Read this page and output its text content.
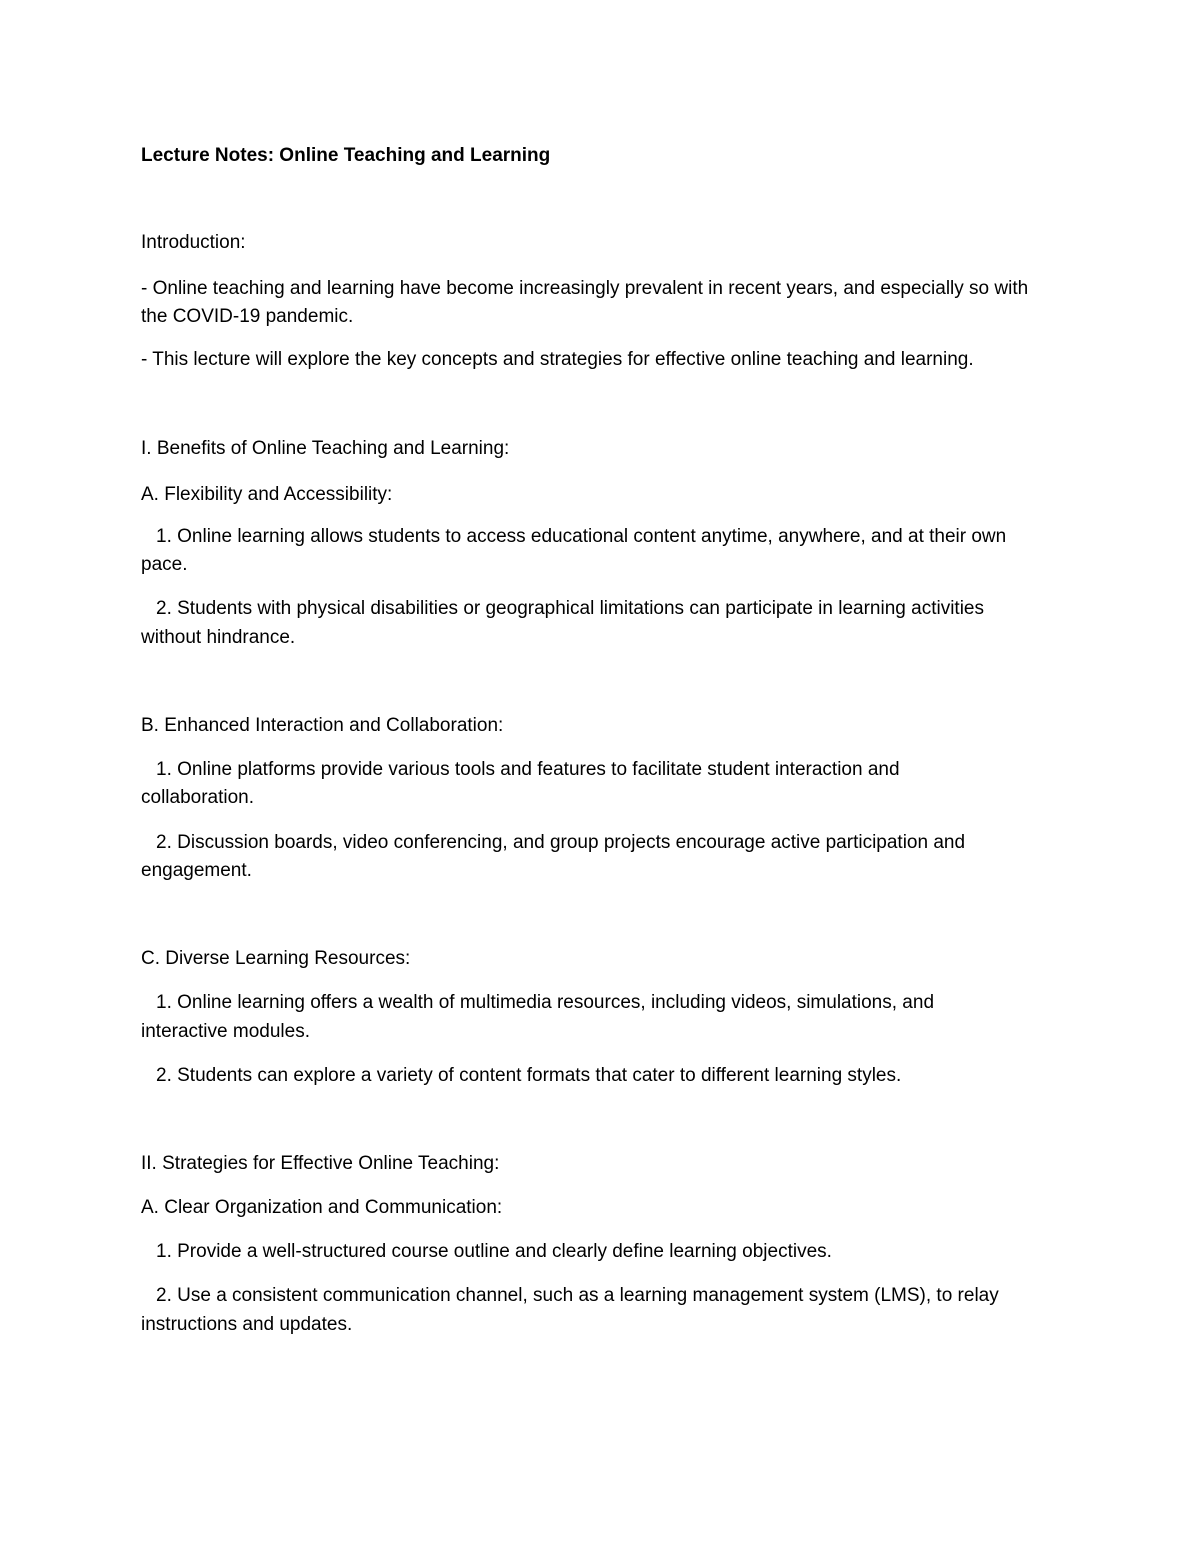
Lecture Notes: Online Teaching and Learning
Introduction:
- Online teaching and learning have become increasingly prevalent in recent years, and especially so with
the COVID-19 pandemic.
- This lecture will explore the key concepts and strategies for effective online teaching and learning.
I. Benefits of Online Teaching and Learning:
A. Flexibility and Accessibility:
1. Online learning allows students to access educational content anytime, anywhere, and at their own
pace.
2. Students with physical disabilities or geographical limitations can participate in learning activities
without hindrance.
B. Enhanced Interaction and Collaboration:
1. Online platforms provide various tools and features to facilitate student interaction and
collaboration.
2. Discussion boards, video conferencing, and group projects encourage active participation and
engagement.
C. Diverse Learning Resources:
1. Online learning offers a wealth of multimedia resources, including videos, simulations, and
interactive modules.
2. Students can explore a variety of content formats that cater to different learning styles.
II. Strategies for Effective Online Teaching:
A. Clear Organization and Communication:
1. Provide a well-structured course outline and clearly define learning objectives.
2. Use a consistent communication channel, such as a learning management system (LMS), to relay
instructions and updates.
